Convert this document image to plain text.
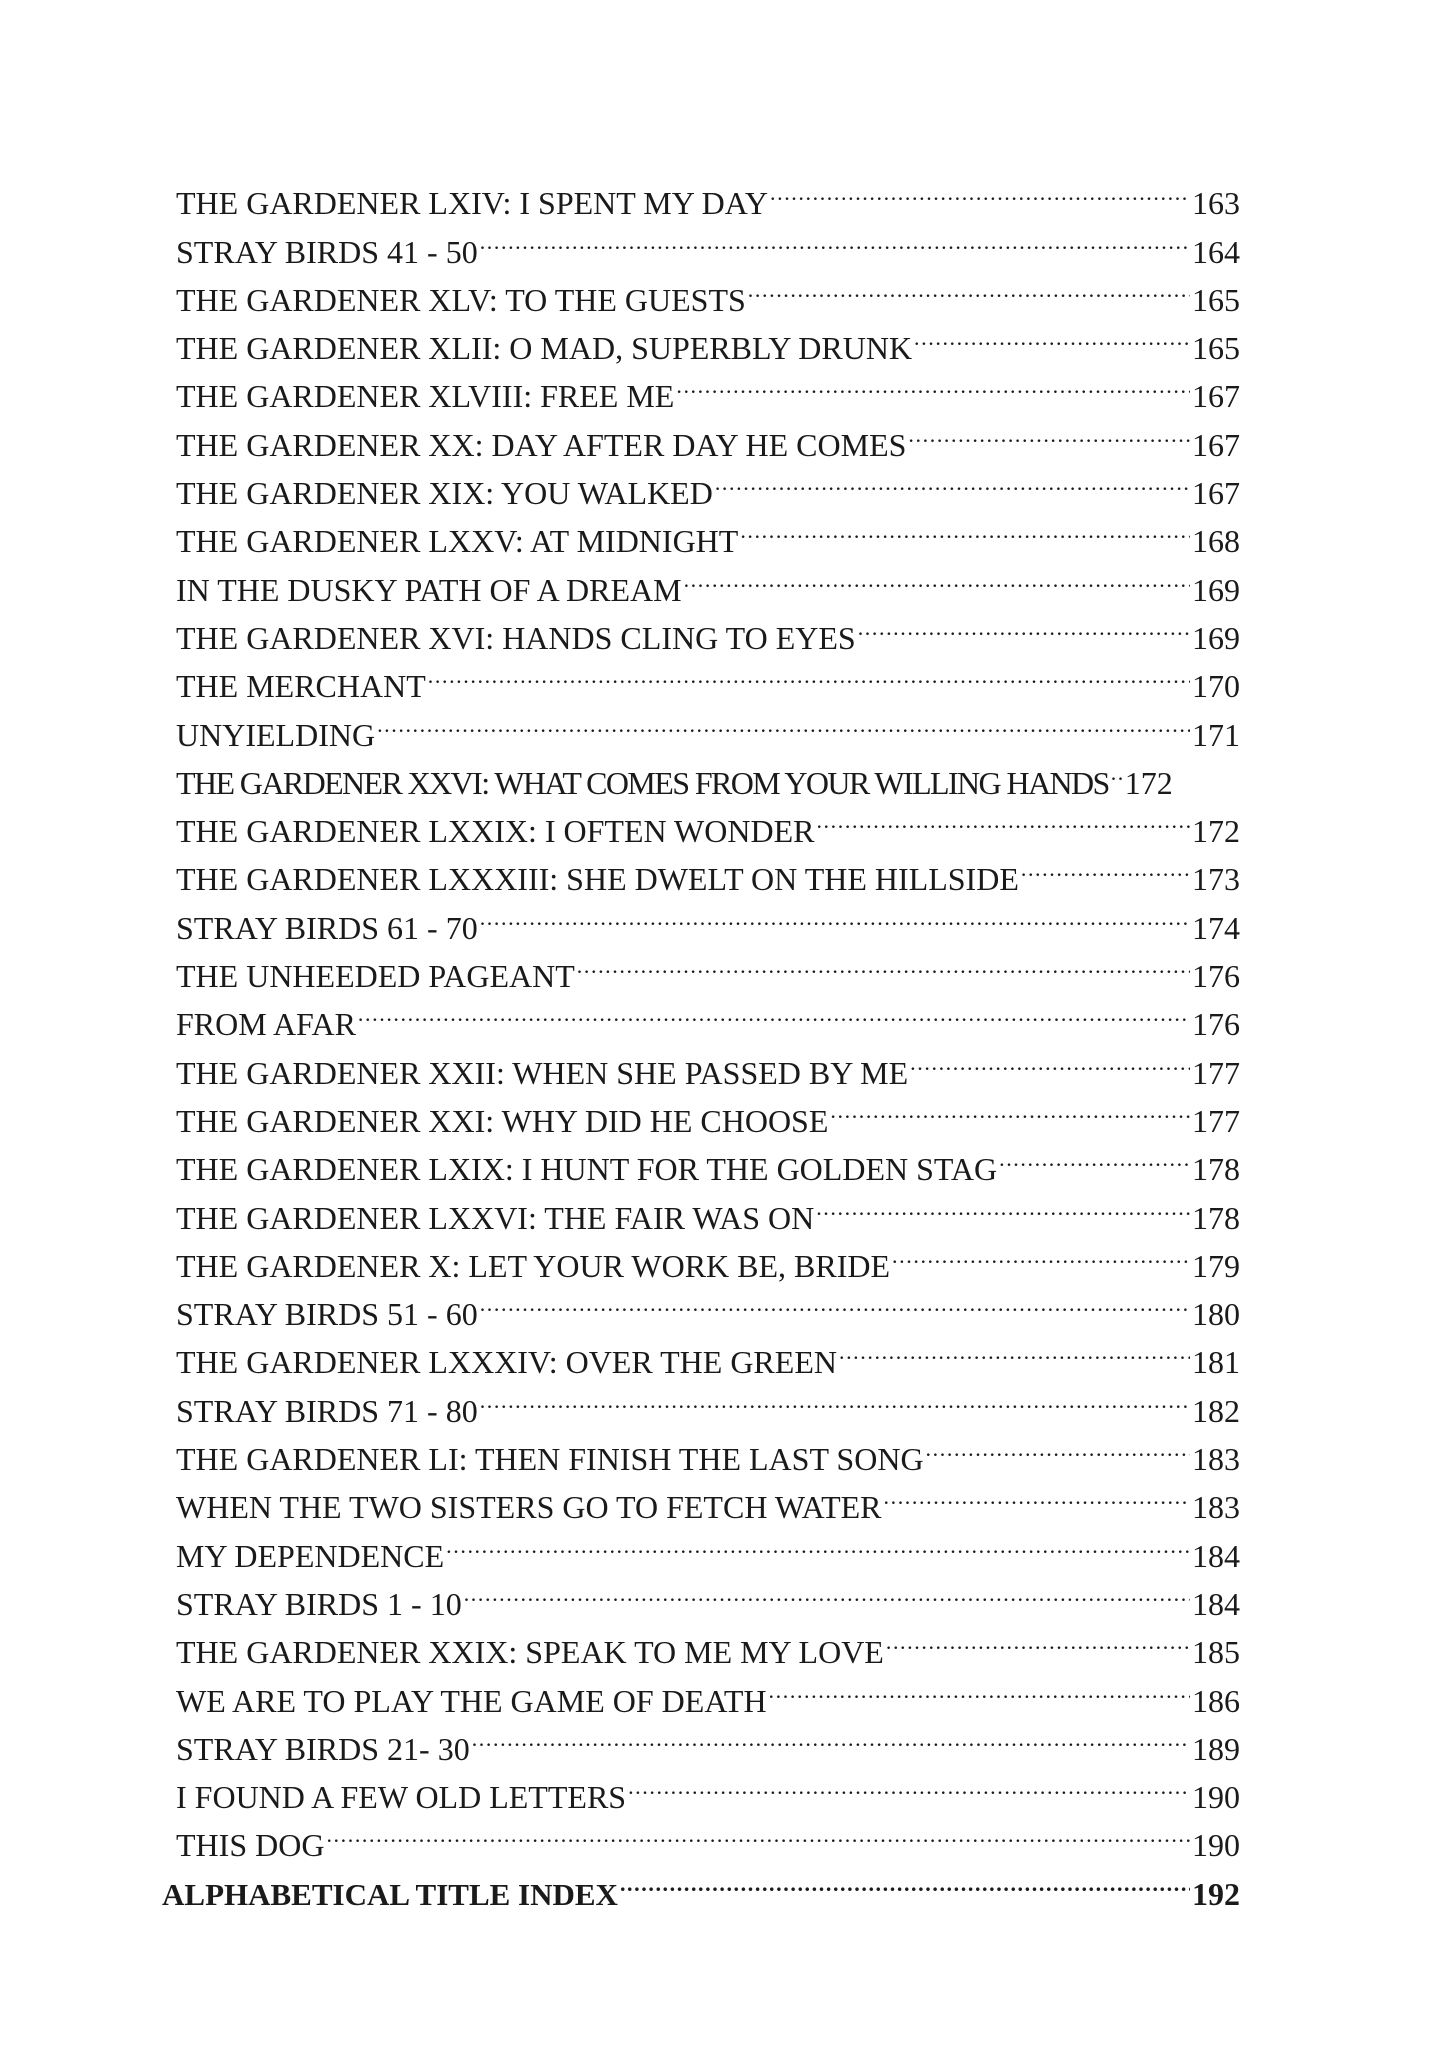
THE GARDENER LXIV: I SPENT MY DAY .....	163
STRAY BIRDS 41 - 50 .....	164
THE GARDENER XLV: TO THE GUESTS .....	165
THE GARDENER XLII: O MAD, SUPERBLY DRUNK .....	165
THE GARDENER XLVIII: FREE ME .....	167
THE GARDENER XX: DAY AFTER DAY HE COMES .....	167
THE GARDENER XIX: YOU WALKED .....	167
THE GARDENER LXXV: AT MIDNIGHT .....	168
IN THE DUSKY PATH OF A DREAM .....	169
THE GARDENER XVI: HANDS CLING TO EYES .....	169
THE MERCHANT .....	170
UNYIELDING .....	171
THE GARDENER XXVI: WHAT COMES FROM YOUR WILLING HANDS ..... 172
THE GARDENER LXXIX: I OFTEN WONDER .....	172
THE GARDENER LXXXIII: SHE DWELT ON THE HILLSIDE .....	173
STRAY BIRDS 61 - 70 .....	174
THE UNHEEDED PAGEANT .....	176
FROM AFAR .....	176
THE GARDENER XXII: WHEN SHE PASSED BY ME .....	177
THE GARDENER XXI: WHY DID HE CHOOSE .....	177
THE GARDENER LXIX: I HUNT FOR THE GOLDEN STAG .....	178
THE GARDENER LXXVI: THE FAIR WAS ON .....	178
THE GARDENER X: LET YOUR WORK BE, BRIDE .....	179
STRAY BIRDS 51 - 60 .....	180
THE GARDENER LXXXIV: OVER THE GREEN .....	181
STRAY BIRDS 71 - 80 .....	182
THE GARDENER LI: THEN FINISH THE LAST SONG .....	183
WHEN THE TWO SISTERS GO TO FETCH WATER .....	183
MY DEPENDENCE .....	184
STRAY BIRDS 1 - 10 .....	184
THE GARDENER XXIX: SPEAK TO ME MY LOVE .....	185
WE ARE TO PLAY THE GAME OF DEATH .....	186
STRAY BIRDS 21- 30 .....	189
I FOUND A FEW OLD LETTERS .....	190
THIS DOG .....	190
ALPHABETICAL TITLE INDEX .....	192
